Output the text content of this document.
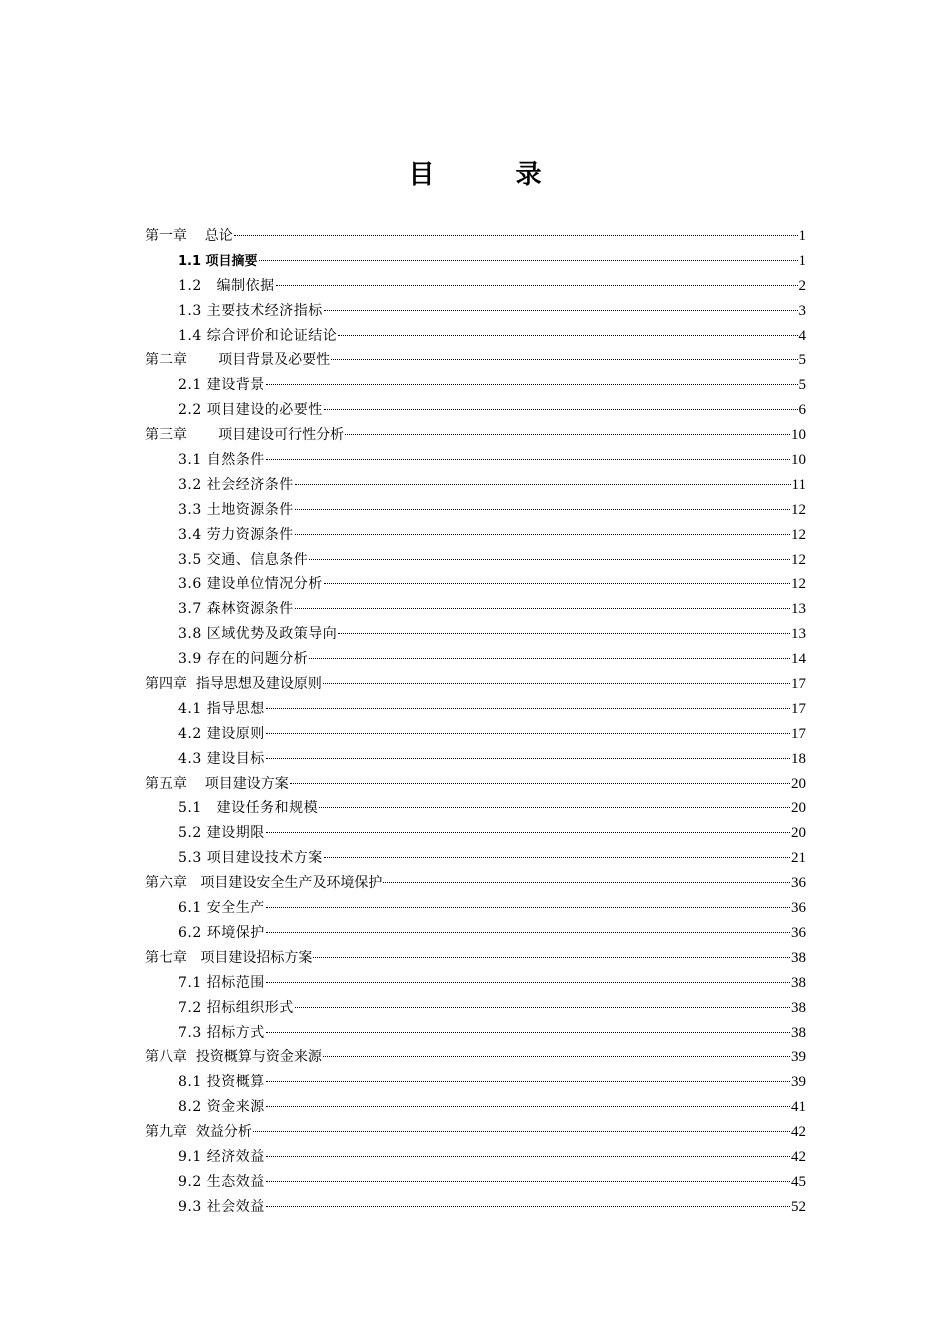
目 录
第一章    总论	1
1.1 项目摘要	1
1.2   编制依据	2
1.3 主要技术经济指标	3
1.4 综合评价和论证结论	4
第二章       项目背景及必要性	5
2.1 建设背景	5
2.2 项目建设的必要性	6
第三章       项目建设可行性分析	10
3.1 自然条件	10
3.2 社会经济条件	11
3.3 土地资源条件	12
3.4 劳力资源条件	12
3.5 交通、信息条件	12
3.6 建设单位情况分析	12
3.7 森林资源条件	13
3.8 区域优势及政策导向	13
3.9 存在的问题分析	14
第四章  指导思想及建设原则	17
4.1 指导思想	17
4.2 建设原则	17
4.3 建设目标	18
第五章    项目建设方案	20
5.1   建设任务和规模	20
5.2 建设期限	20
5.3 项目建设技术方案	21
第六章   项目建设安全生产及环境保护	36
6.1 安全生产	36
6.2 环境保护	36
第七章   项目建设招标方案	38
7.1 招标范围	38
7.2 招标组织形式	38
7.3 招标方式	38
第八章  投资概算与资金来源	39
8.1 投资概算	39
8.2 资金来源	41
第九章  效益分析	42
9.1 经济效益	42
9.2 生态效益	45
9.3 社会效益	52
